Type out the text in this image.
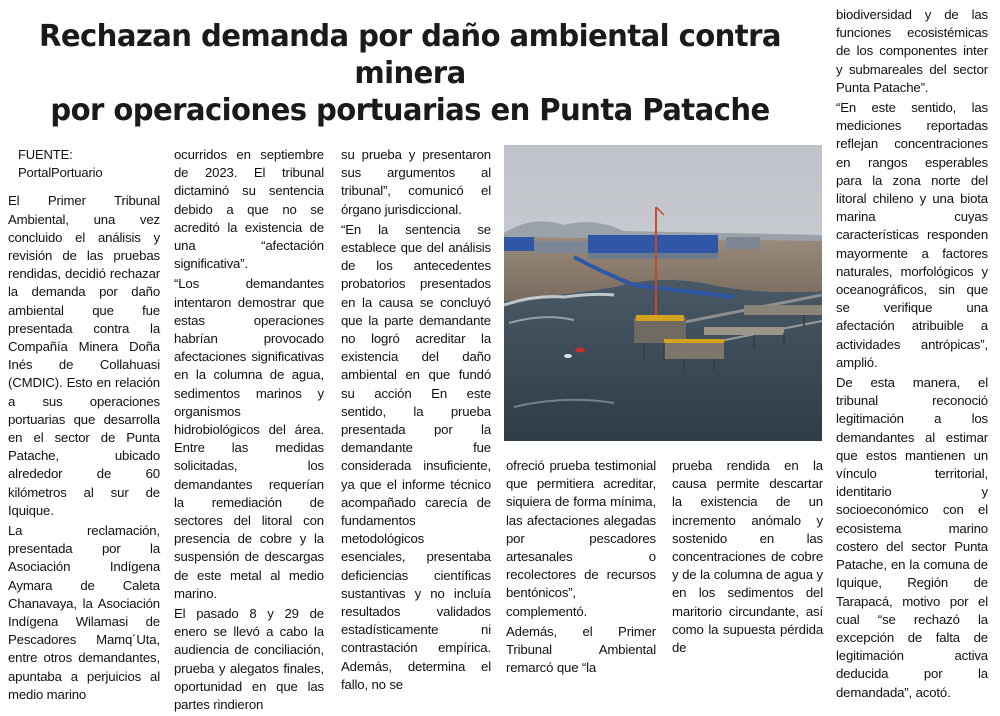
Rechazan demanda por daño ambiental contra minera
por operaciones portuarias en Punta Patache

FUENTE: PortalPortuario

El Primer Tribunal Ambiental, una vez concluido el análisis y revisión de las pruebas rendidas, decidió rechazar la demanda por daño ambiental que fue presentada contra la Compañía Minera Doña Inés de Collahuasi (CMDIC). Esto en relación a sus operaciones portuarias que desarrolla en el sector de Punta Patache, ubicado alrededor de 60 kilómetros al sur de Iquique.

La reclamación, presentada por la Asociación Indígena Aymara de Caleta Chanavaya, la Asociación Indígena Wilamasi de Pescadores Mamq´Uta, entre otros demandantes, apuntaba a perjuicios al medio marino

ocurridos en septiembre de 2023. El tribunal dictaminó su sentencia debido a que no se acreditó la existencia de una “afectación significativa”.

“Los demandantes intentaron demostrar que estas operaciones habrían provocado afectaciones significativas en la columna de agua, sedimentos marinos y organismos hidrobiológicos del área. Entre las medidas solicitadas, los demandantes requerían la remediación de sectores del litoral con presencia de cobre y la suspensión de descargas de este metal al medio marino.

El pasado 8 y 29 de enero se llevó a cabo la audiencia de conciliación, prueba y alegatos finales, oportunidad en que las partes rindieron

su prueba y presentaron sus argumentos al tribunal”, comunicó el órgano jurisdiccional.

“En la sentencia se establece que del análisis de los antecedentes probatorios presentados en la causa se concluyó que la parte demandante no logró acreditar la existencia del daño ambiental en que fundó su acción En este sentido, la prueba presentada por la demandante fue considerada insuficiente, ya que el informe técnico acompañado carecía de fundamentos metodológicos esenciales, presentaba deficiencias científicas sustantivas y no incluía resultados validados estadísticamente ni contrastación empírica. Además, determina el fallo, no se

ofreció prueba testimonial que permitiera acreditar, siquiera de forma mínima, las afectaciones alegadas por pescadores artesanales o recolectores de recursos bentónicos”, complementó.

Además, el Primer Tribunal Ambiental remarcó que “la

prueba rendida en la causa permite descartar la existencia de un incremento anómalo y sostenido en las concentraciones de cobre y de la columna de agua y en los sedimentos del maritorio circundante, así como la supuesta pérdida de

biodiversidad y de las funciones ecosistémicas de los componentes inter y submareales del sector Punta Patache”.

“En este sentido, las mediciones reportadas reflejan concentraciones en rangos esperables para la zona norte del litoral chileno y una biota marina cuyas características responden mayormente a factores naturales, morfológicos y oceanográficos, sin que se verifique una afectación atribuible a actividades antrópicas”, amplió.

De esta manera, el tribunal reconoció legitimación a los demandantes al estimar que estos mantienen un vínculo territorial, identitario y socioeconómico con el ecosistema marino costero del sector Punta Patache, en la comuna de Iquique, Región de Tarapacá, motivo por el cual “se rechazó la excepción de falta de legitimación activa deducida por la demandada”, acotó.
